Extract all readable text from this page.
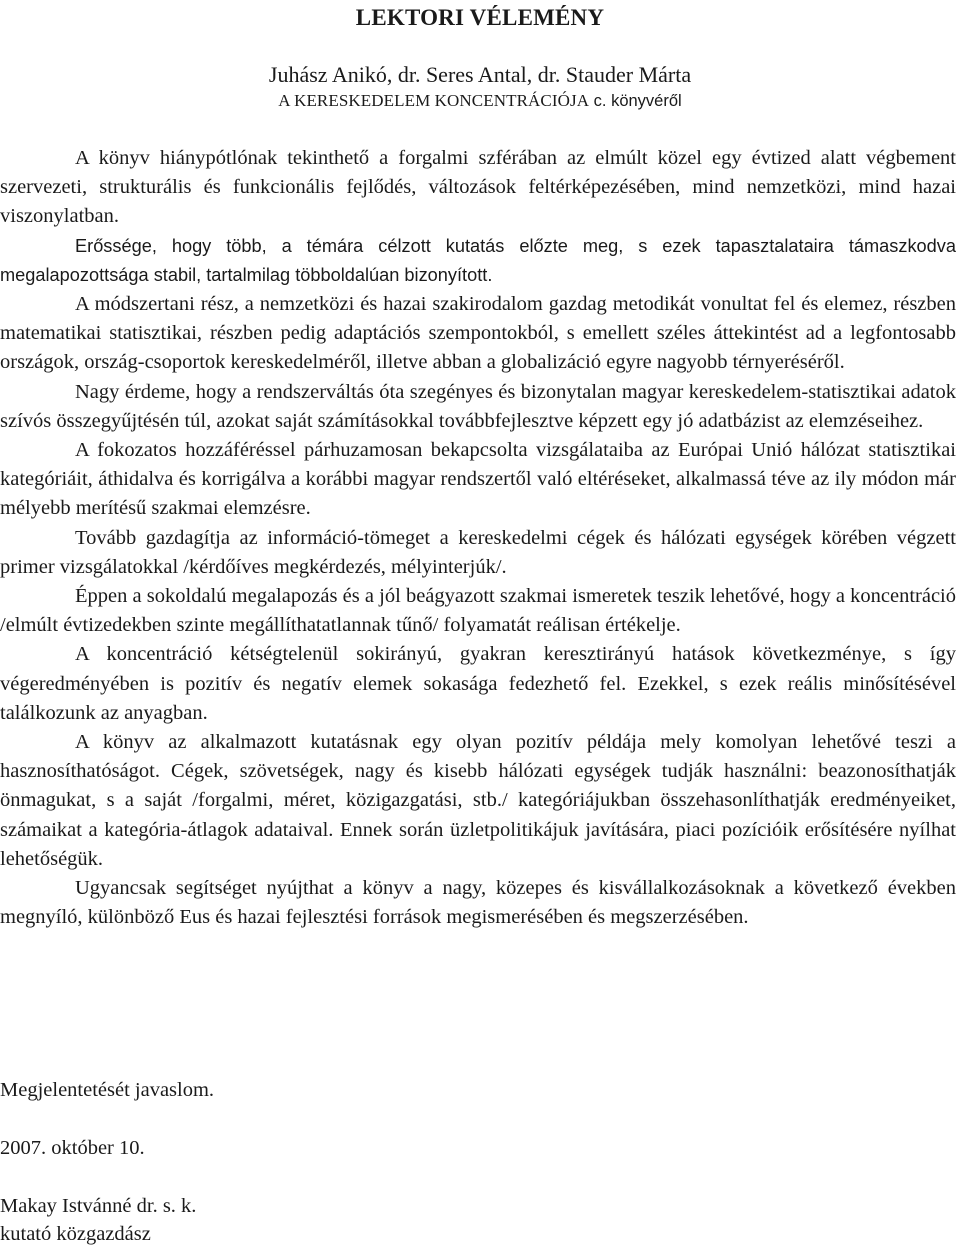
LEKTORI VÉLEMÉNY
Juhász Anikó, dr. Seres Antal, dr. Stauder Márta
A KERESKEDELEM KONCENTRÁCIÓJA c. könyvéről

A könyv hiánypótlónak tekinthető a forgalmi szférában az elmúlt közel egy évtized alatt végbement szervezeti, strukturális és funkcionális fejlődés, változások feltérképezésében, mind nemzetközi, mind hazai viszonylatban.

Erőssége, hogy több, a témára célzott kutatás előzte meg, s ezek tapasztalataira támaszkodva megalapozottsága stabil, tartalmilag többoldalúan bizonyított.

A módszertani rész, a nemzetközi és hazai szakirodalom gazdag metodikát vonultat fel és elemez, részben matematikai statisztikai, részben pedig adaptációs szempontokból, s emellett széles áttekintést ad a legfontosabb országok, ország-csoportok kereskedelméről, illetve abban a globalizáció egyre nagyobb térnyeréséről.

Nagy érdeme, hogy a rendszerváltás óta szegényes és bizonytalan magyar kereskedelem-statisztikai adatok szívós összegyűjtésén túl, azokat saját számításokkal továbbfejlesztve képzett egy jó adatbázist az elemzéseihez.

A fokozatos hozzáféréssel párhuzamosan bekapcsolta vizsgálataiba az Európai Unió hálózat statisztikai kategóriáit, áthidalva és korrigálva a korábbi magyar rendszertől való eltéréseket, alkalmassá téve az ily módon már mélyebb merítésű szakmai elemzésre.

Tovább gazdagítja az információ-tömeget a kereskedelmi cégek és hálózati egységek körében végzett primer vizsgálatokkal /kérdőíves megkérdezés, mélyinterjúk/.

Éppen a sokoldalú megalapozás és a jól beágyazott szakmai ismeretek teszik lehetővé, hogy a koncentráció /elmúlt évtizedekben szinte megállíthatatlannak tűnő/ folyamatát reálisan értékelje.

A koncentráció kétségtelenül sokirányú, gyakran keresztirányú hatások következménye, s így végeredményében is pozitív és negatív elemek sokasága fedezhető fel. Ezekkel, s ezek reális minősítésével találkozunk az anyagban.

A könyv az alkalmazott kutatásnak egy olyan pozitív példája mely komolyan lehetővé teszi a hasznosíthatóságot. Cégek, szövetségek, nagy és kisebb hálózati egységek tudják használni: beazonosíthatják önmagukat, s a saját /forgalmi, méret, közigazgatási, stb./ kategóriájukban összehasonlíthatják eredményeiket, számaikat a kategória-átlagok adataival. Ennek során üzletpolitikájuk javítására, piaci pozícióik erősítésére nyílhat lehetőségük.

Ugyancsak segítséget nyújthat a könyv a nagy, közepes és kisvállalkozásoknak a következő években megnyíló, különböző Eus és hazai fejlesztési források megismerésében és megszerzésében.

Megjelentetését javaslom.
2007. október 10.
Makay Istvánné dr. s. k.
kutató közgazdász
